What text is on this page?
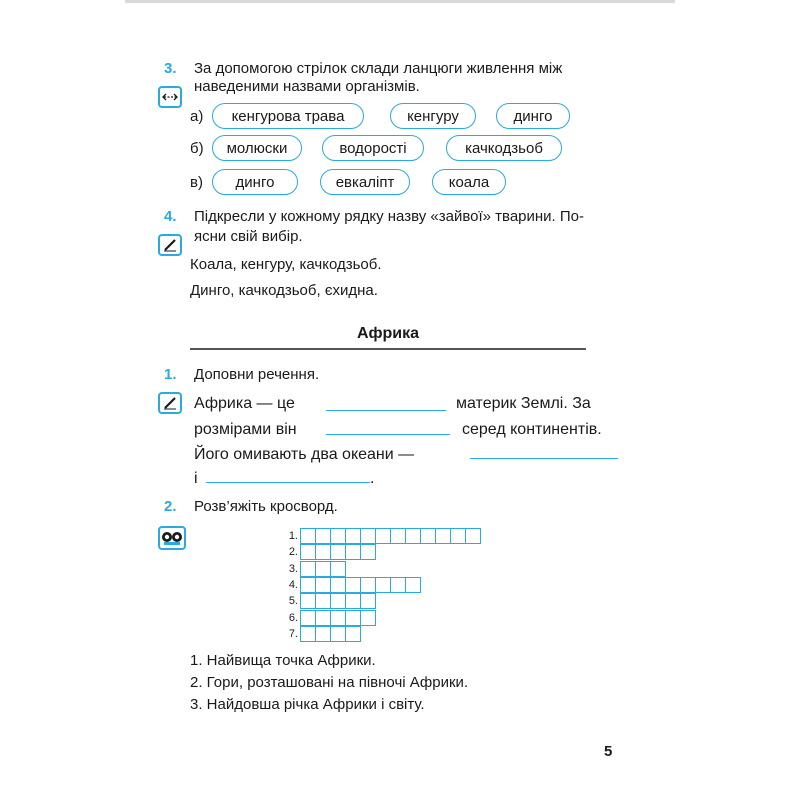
3. За допомогою стрілок склади ланцюги живлення між
наведеними назвами організмів.
а)	кенгурова трава	кенгуру	динго
б)	молюски	водорості	качкодзьоб
в)	динго	евкаліпт	коала
4. Підкресли у кожному рядку назву «зайвої» тварини. По-
ясни свій вибір.
Коала, кенгуру, качкодзьоб.
Динго, качкодзьоб, єхидна.
Африка
1. Доповни речення.
Африка — це	материк Землі. За
розмірами він	серед континентів.
Його омивають два океани —
і	.
2. Розв’яжіть кросворд.
1.
2.
3.
4.
5.
6.
7.
1. Найвища точка Африки.
2. Гори, розташовані на півночі Африки.
3. Найдовша річка Африки і світу.
5
